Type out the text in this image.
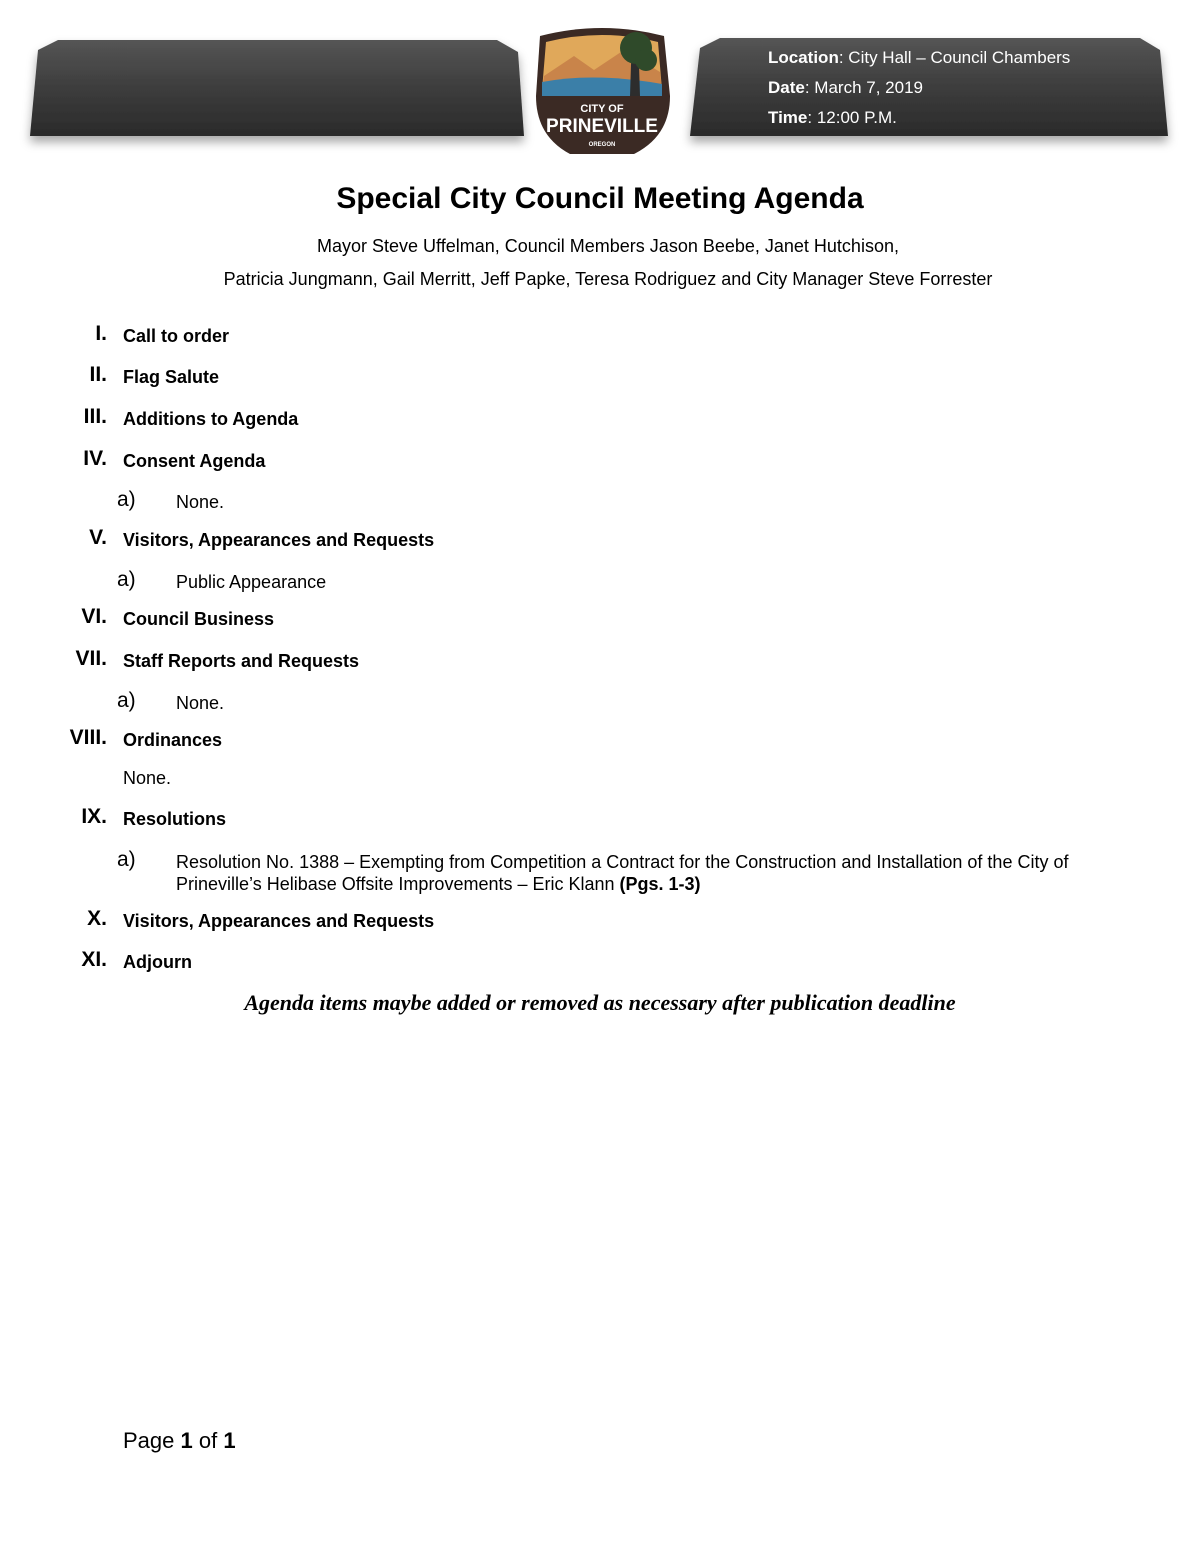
CITY OF
PRINEVILLE
OREGON
Location: City Hall – Council Chambers
Date: March 7, 2019
Time: 12:00 P.M.
Special City Council Meeting Agenda
Mayor Steve Uffelman, Council Members Jason Beebe, Janet Hutchison,
Patricia Jungmann, Gail Merritt, Jeff Papke, Teresa Rodriguez and City Manager Steve Forrester
I. Call to order
II. Flag Salute
III. Additions to Agenda
IV. Consent Agenda
a) None.
V. Visitors, Appearances and Requests
a) Public Appearance
VI. Council Business
VII. Staff Reports and Requests
a) None.
VIII. Ordinances
None.
IX. Resolutions
a) Resolution No. 1388 – Exempting from Competition a Contract for the Construction and Installation of the City of Prineville’s Helibase Offsite Improvements – Eric Klann (Pgs. 1-3)
X. Visitors, Appearances and Requests
XI. Adjourn
Agenda items maybe added or removed as necessary after publication deadline
Page 1 of 1
